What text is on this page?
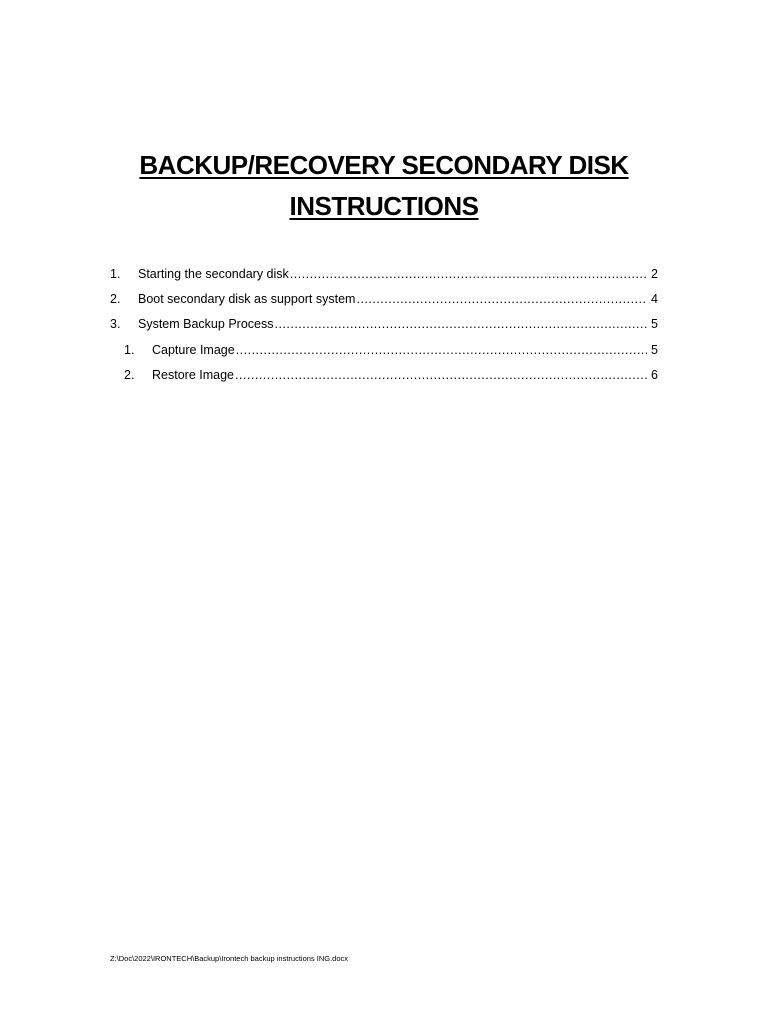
BACKUP/RECOVERY SECONDARY DISK
INSTRUCTIONS
1. Starting the secondary disk .....	2
2. Boot secondary disk as support system .....	4
3. System Backup Process .....	5
1. Capture Image .....	5
2. Restore Image .....	6
Z:\Doc\2022\IRONTECH\Backup\Irontech backup instructions ING.docx
